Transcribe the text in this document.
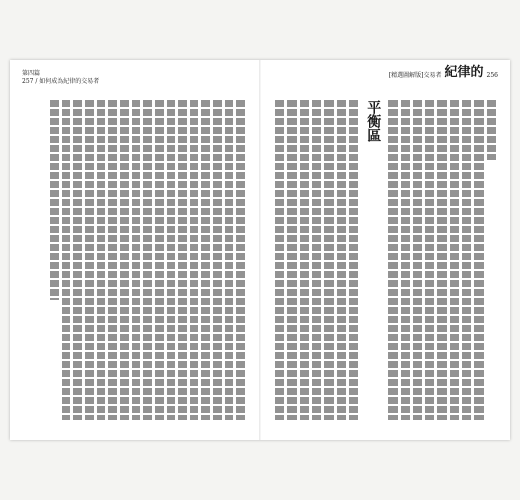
第四篇
257 / 如何成為紀律的交易者
[精選圖解版]交易者 紀律的 256
平衡區
